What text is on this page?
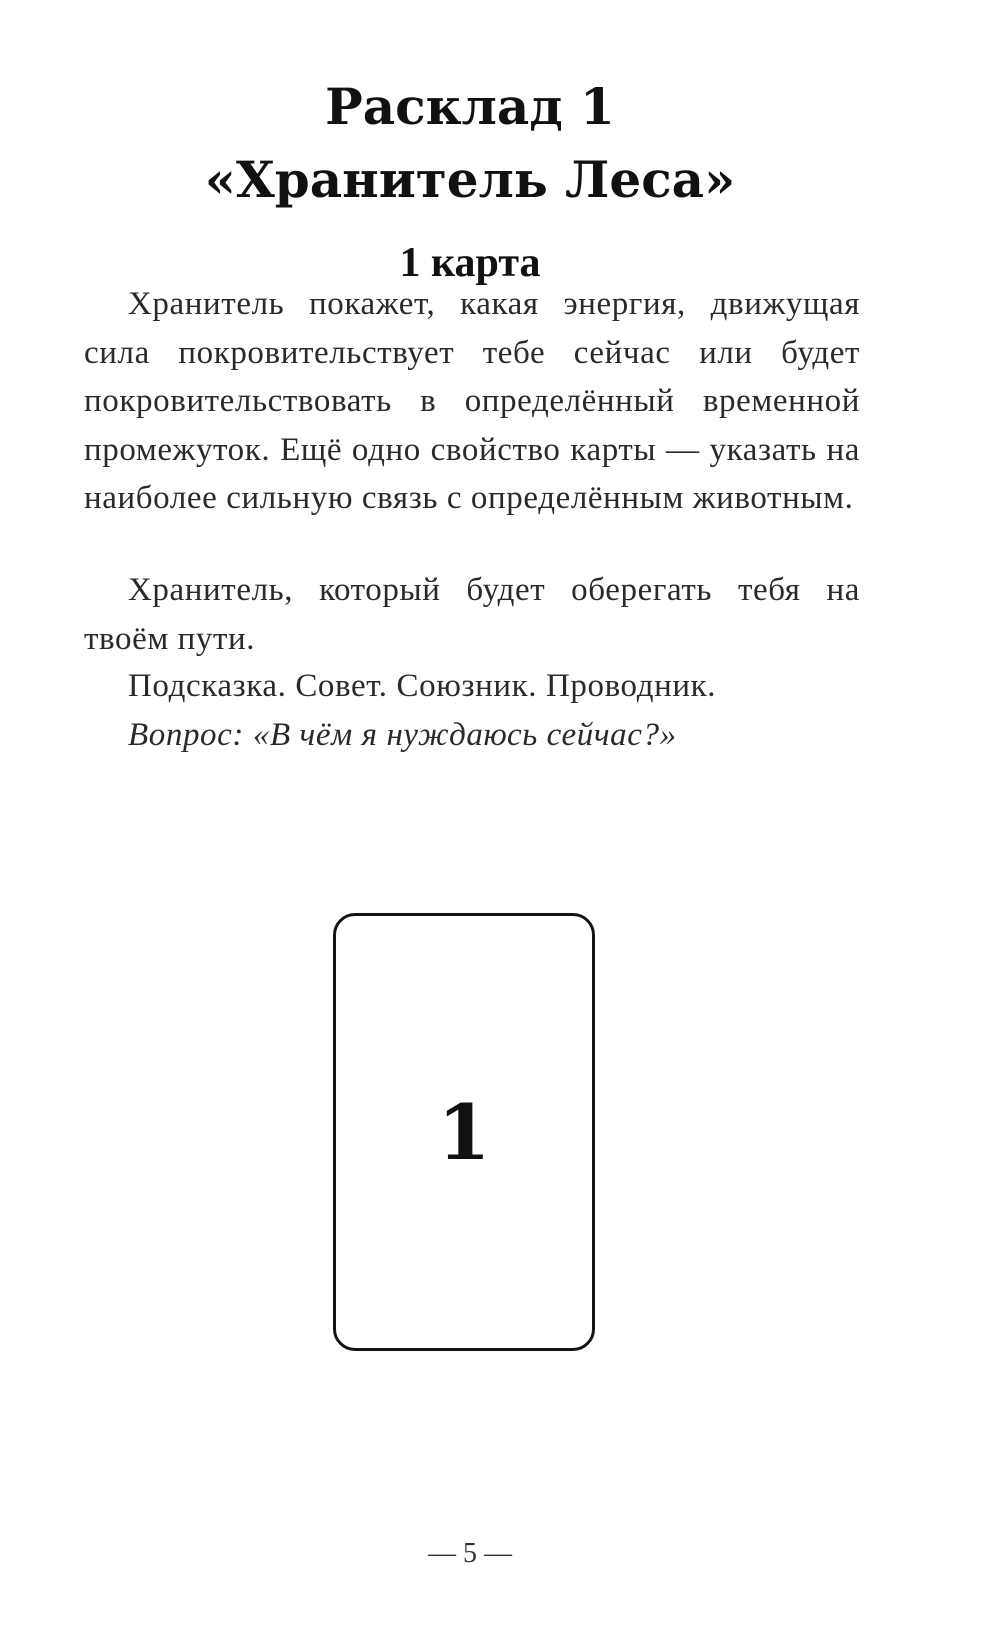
Расклад 1
«Хранитель Леса»
1 карта

Хранитель покажет, какая энергия, движущая сила покровительствует тебе сейчас или будет покровительствовать в определённый временной промежуток. Ещё одно свойство карты — указать на наиболее сильную связь с определённым животным.

Хранитель, который будет оберегать тебя на твоём пути.

Подсказка. Совет. Союзник. Проводник.

Вопрос: «В чём я нуждаюсь сейчас?»

1
— 5 —
